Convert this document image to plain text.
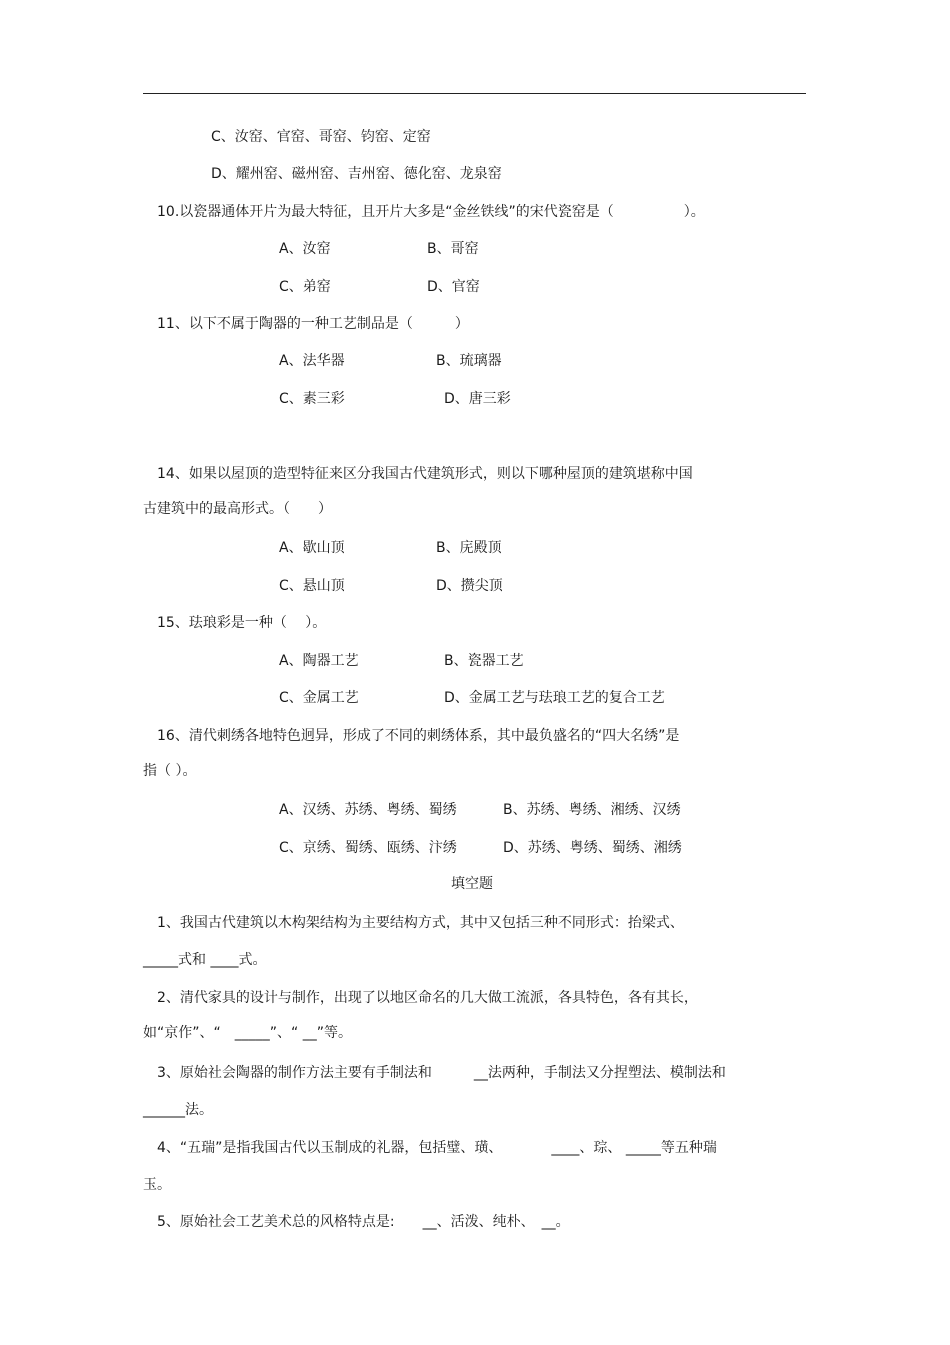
C、汝窑、官窑、哥窑、钧窑、定窑
D、耀州窑、磁州窑、吉州窑、德化窑、龙泉窑
10.以瓷器通体开片为最大特征，且开片大多是“金丝铁线”的宋代瓷窑是（　　　　　）。
A、汝窑	B、哥窑
C、弟窑	D、官窑
11、以下不属于陶器的一种工艺制品是（　　　）
A、法华器	B、琉璃器
C、素三彩	D、唐三彩
14、如果以屋顶的造型特征来区分我国古代建筑形式，则以下哪种屋顶的建筑堪称中国
古建筑中的最高形式。（　　）
A、歇山顶	B、庑殿顶
C、悬山顶	D、攒尖顶
15、珐琅彩是一种（　 ）。
A、陶器工艺	B、瓷器工艺
C、金属工艺	D、金属工艺与珐琅工艺的复合工艺
16、清代刺绣各地特色迥异，形成了不同的刺绣体系，其中最负盛名的“四大名绣”是
指（ ）。
A、汉绣、苏绣、粤绣、蜀绣	B、苏绣、粤绣、湘绣、汉绣
C、京绣、蜀绣、瓯绣、汴绣	D、苏绣、粤绣、蜀绣、湘绣
填空题
1、我国古代建筑以木构架结构为主要结构方式，其中又包括三种不同形式：抬梁式、
_____式和 ____式。
2、清代家具的设计与制作，出现了以地区命名的几大做工流派，各具特色，各有其长，
如“京作”、“　_____”、“ __”等。
3、原始社会陶器的制作方法主要有手制法和　　　__法两种，手制法又分捏塑法、模制法和
______法。
4、“五瑞”是指我国古代以玉制成的礼器，包括璧、璜、　　　　____、琮、 _____等五种瑞
玉。
5、原始社会工艺美术总的风格特点是:　　__、活泼、纯朴、　__。
